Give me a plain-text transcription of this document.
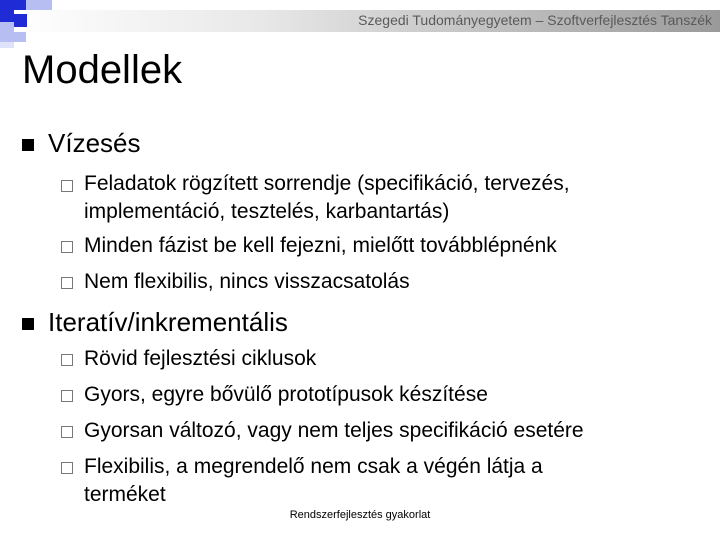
Szegedi Tudományegyetem – Szoftverfejlesztés Tanszék
Modellek
Vízesés
Feladatok rögzített sorrendje (specifikáció, tervezés,
implementáció, tesztelés, karbantartás)
Minden fázist be kell fejezni, mielőtt továbblépnénk
Nem flexibilis, nincs visszacsatolás
Iteratív/inkrementális
Rövid fejlesztési ciklusok
Gyors, egyre bővülő prototípusok készítése
Gyorsan változó, vagy nem teljes specifikáció esetére
Flexibilis, a megrendelő nem csak a végén látja a
terméket
Rendszerfejlesztés gyakorlat
